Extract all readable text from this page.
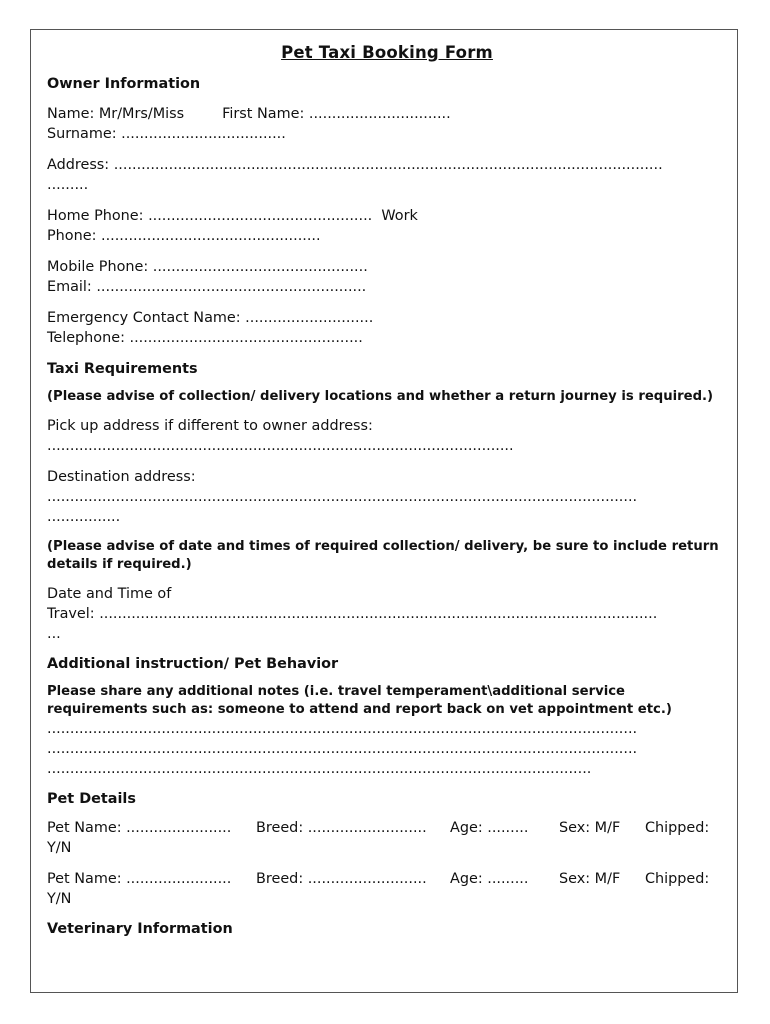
Pet Taxi Booking Form

Owner Information

Name: Mr/Mrs/Miss	First Name: ...............................

Surname: ....................................

Address: ........................................................................................................................

.........

Home Phone: ................................................. Work

Phone: ................................................

Mobile Phone: ...............................................

Email: ...........................................................

Emergency Contact Name: ............................

Telephone: ...................................................

Taxi Requirements

(Please advise of collection/ delivery locations and whether a return journey is required.)

Pick up address if different to owner address:

......................................................................................................

Destination address:

.................................................................................................................................

................

(Please advise of date and times of required collection/ delivery, be sure to include return details if required.)

Date and Time of

Travel: ..........................................................................................................................

...

Additional instruction/ Pet Behavior

Please share any additional notes (i.e. travel temperament\additional service requirements such as: someone to attend and report back on vet appointment etc.)

.................................................................................................................................

.................................................................................................................................

.......................................................................................................................

Pet Details

Pet Name: ....................... Breed: .......................... Age: ......... Sex: M/F Chipped:

Y/N

Pet Name: ....................... Breed: .......................... Age: ......... Sex: M/F Chipped:

Y/N

Veterinary Information
